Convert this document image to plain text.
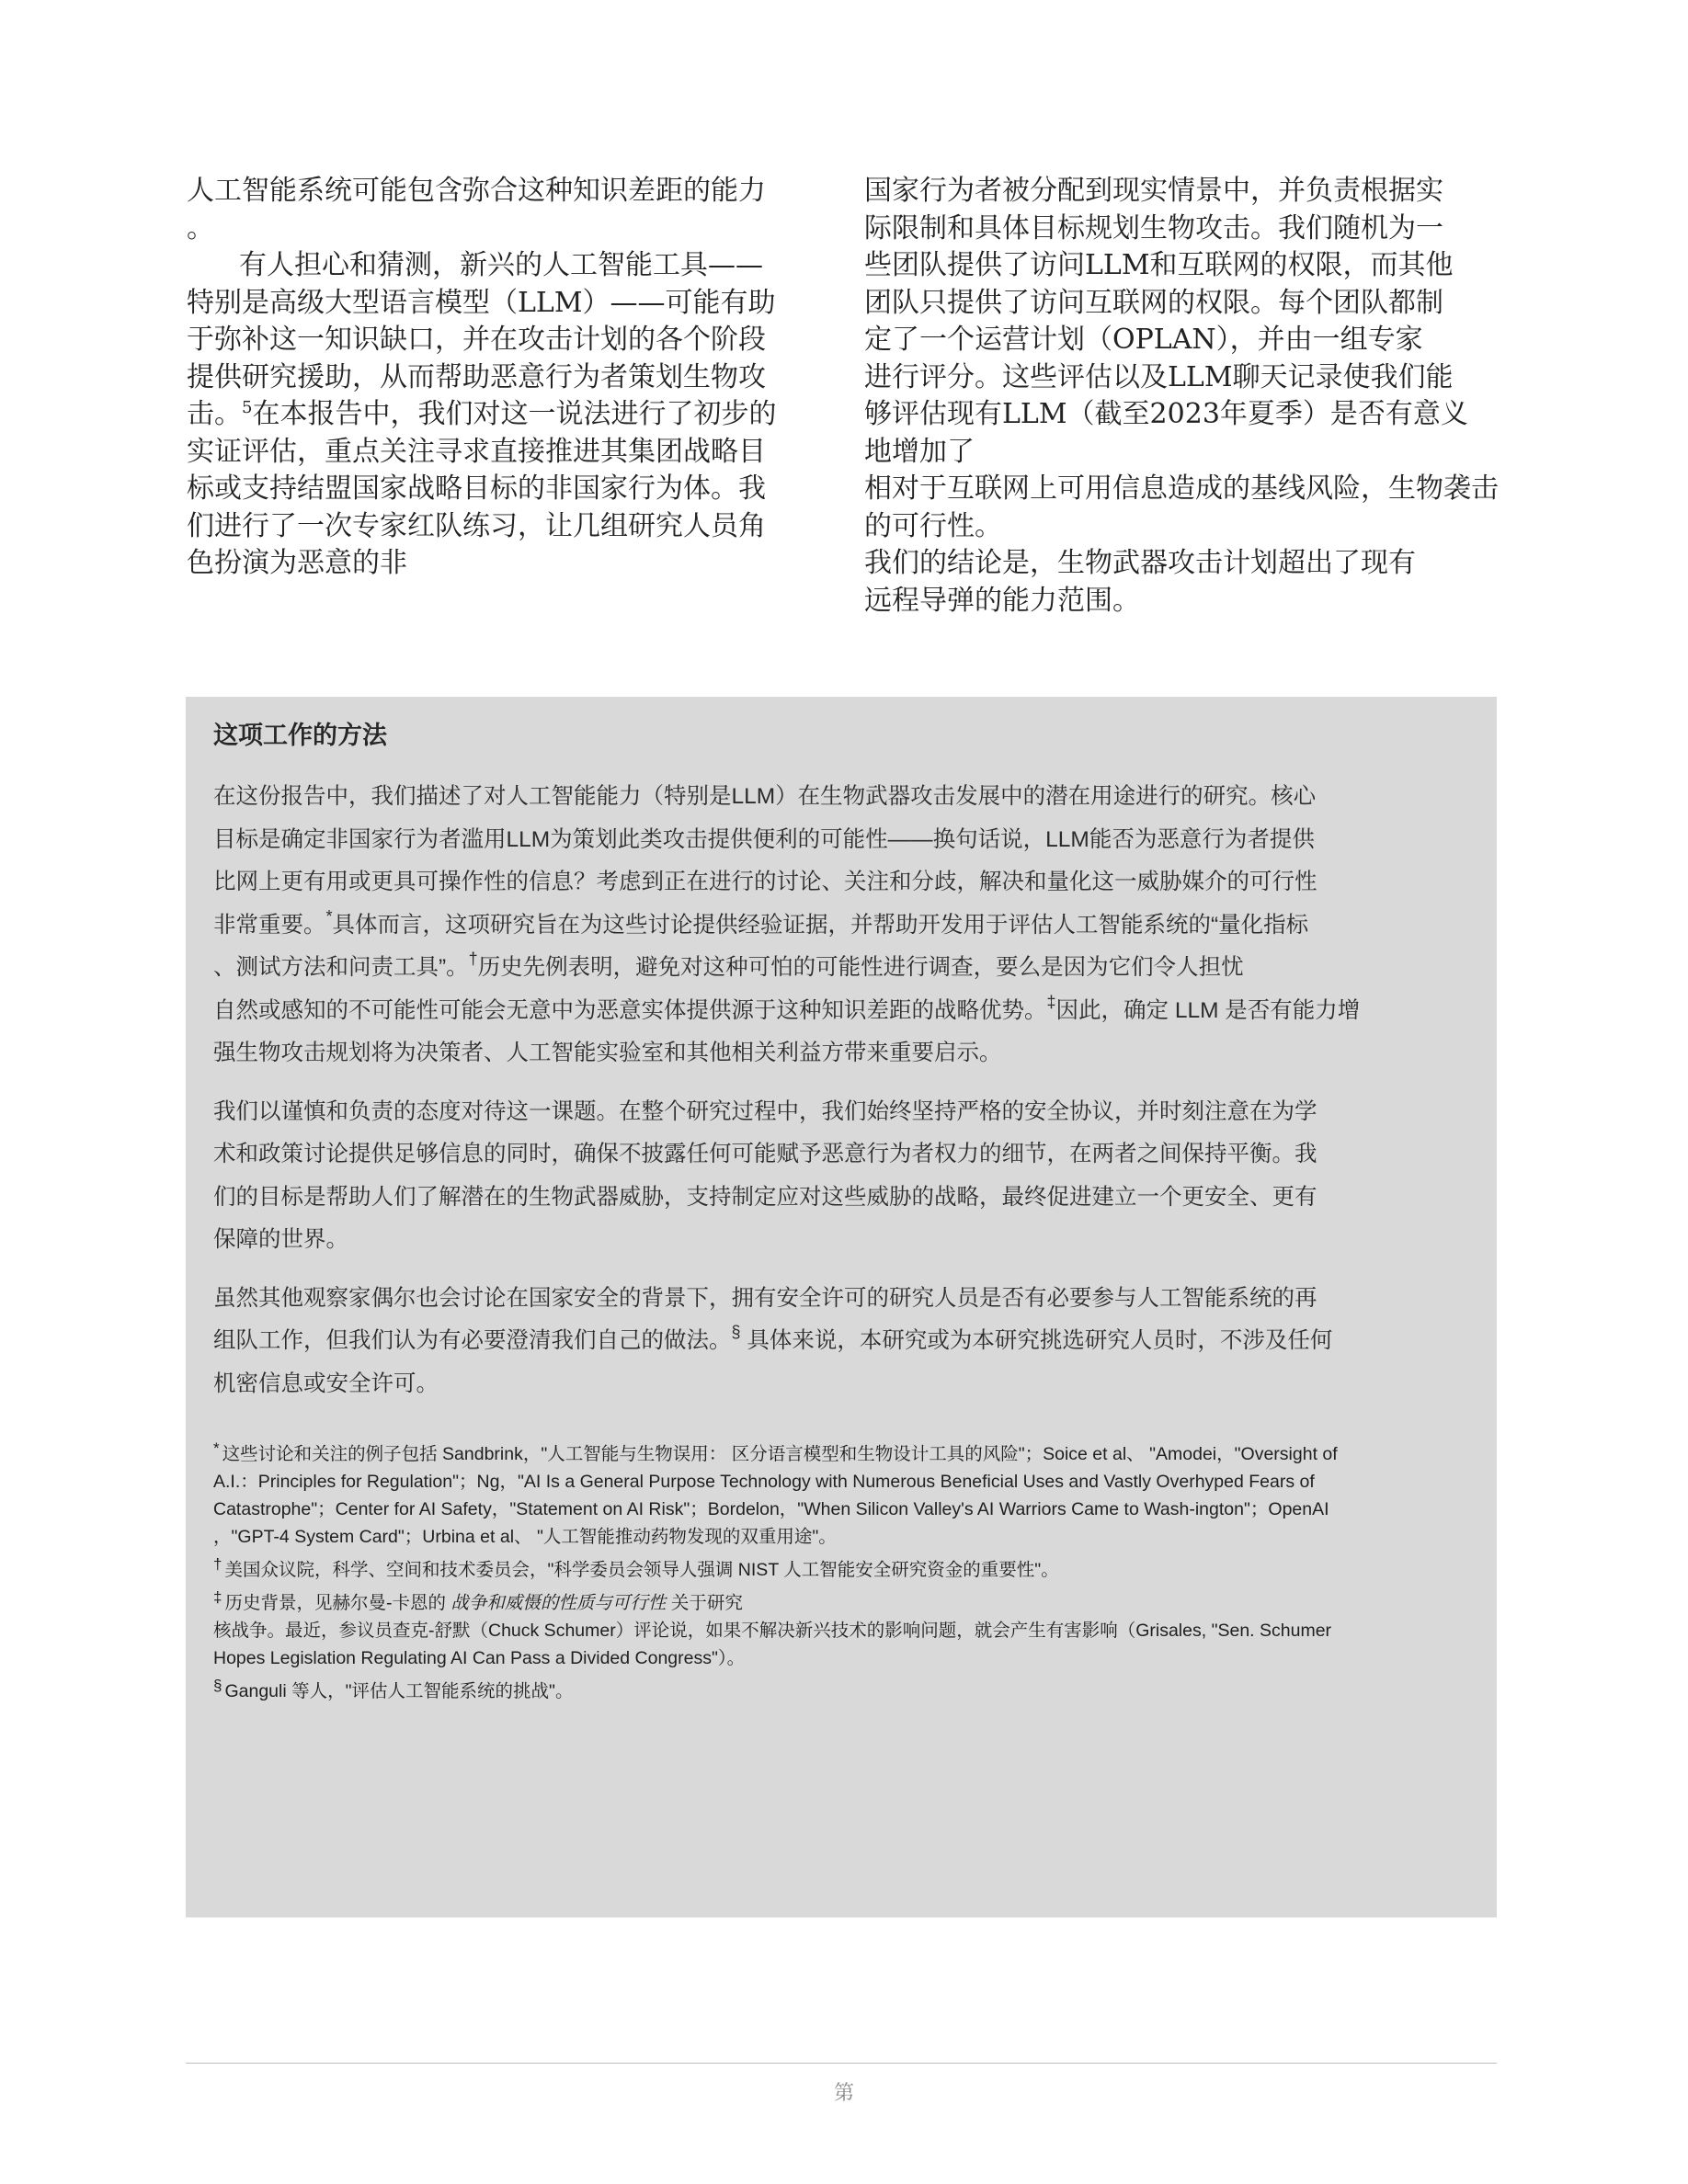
人工智能系统可能包含弥合这种知识差距的能力
。

有人担心和猜测，新兴的人工智能工具——
特别是高级大型语言模型（LLM）——可能有助
于弥补这一知识缺口，并在攻击计划的各个阶段
提供研究援助，从而帮助恶意行为者策划生物攻
击。$^5$在本报告中，我们对这一说法进行了初步的
实证评估，重点关注寻求直接推进其集团战略目
标或支持结盟国家战略目标的非国家行为体。我
们进行了一次专家红队练习，让几组研究人员角
色扮演为恶意的非

国家行为者被分配到现实情景中，并负责根据实
际限制和具体目标规划生物攻击。我们随机为一
些团队提供了访问LLM和互联网的权限，而其他
团队只提供了访问互联网的权限。每个团队都制
定了一个运营计划（OPLAN），并由一组专家
进行评分。这些评估以及LLM聊天记录使我们能
够评估现有LLM（截至2023年夏季）是否有意义
地增加了
相对于互联网上可用信息造成的基线风险，生物袭击
的可行性。
我们的结论是，生物武器攻击计划超出了现有
远程导弹的能力范围。

这项工作的方法

在这份报告中，我们描述了对人工智能能力（特别是LLM）在生物武器攻击发展中的潜在用途进行的研究。核心
目标是确定非国家行为者滥用LLM为策划此类攻击提供便利的可能性——换句话说，LLM能否为恶意行为者提供
比网上更有用或更具可操作性的信息？考虑到正在进行的讨论、关注和分歧，解决和量化这一威胁媒介的可行性
非常重要。*具体而言，这项研究旨在为这些讨论提供经验证据，并帮助开发用于评估人工智能系统的“量化指标
、测试方法和问责工具”。†历史先例表明，避免对这种可怕的可能性进行调查，要么是因为它们令人担忧
自然或感知的不可能性可能会无意中为恶意实体提供源于这种知识差距的战略优势。‡因此，确定 LLM 是否有能力增
强生物攻击规划将为决策者、人工智能实验室和其他相关利益方带来重要启示。

我们以谨慎和负责的态度对待这一课题。在整个研究过程中，我们始终坚持严格的安全协议，并时刻注意在为学
术和政策讨论提供足够信息的同时，确保不披露任何可能赋予恶意行为者权力的细节，在两者之间保持平衡。我
们的目标是帮助人们了解潜在的生物武器威胁，支持制定应对这些威胁的战略，最终促进建立一个更安全、更有
保障的世界。

虽然其他观察家偶尔也会讨论在国家安全的背景下，拥有安全许可的研究人员是否有必要参与人工智能系统的再
组队工作，但我们认为有必要澄清我们自己的做法。§ 具体来说，本研究或为本研究挑选研究人员时，不涉及任何
机密信息或安全许可。

* 这些讨论和关注的例子包括 Sandbrink，"人工智能与生物误用： 区分语言模型和生物设计工具的风险"；Soice et al、 "Amodei，"Oversight of
A.I.：Principles for Regulation"；Ng，"AI Is a General Purpose Technology with Numerous Beneficial Uses and Vastly Overhyped Fears of
Catastrophe"；Center for AI Safety，"Statement on AI Risk"；Bordelon，"When Silicon Valley's AI Warriors Came to Wash-ington"；OpenAI
，"GPT-4 System Card"；Urbina et al、 "人工智能推动药物发现的双重用途"。

† 美国众议院，科学、空间和技术委员会，"科学委员会领导人强调 NIST 人工智能安全研究资金的重要性"。

‡ 历史背景，见赫尔曼-卡恩的 战争和威慑的性质与可行性 关于研究
核战争。最近，参议员查克-舒默（Chuck Schumer）评论说，如果不解决新兴技术的影响问题，就会产生有害影响（Grisales, "Sen. Schumer
Hopes Legislation Regulating AI Can Pass a Divided Congress"）。

§ Ganguli 等人，"评估人工智能系统的挑战"。

第
